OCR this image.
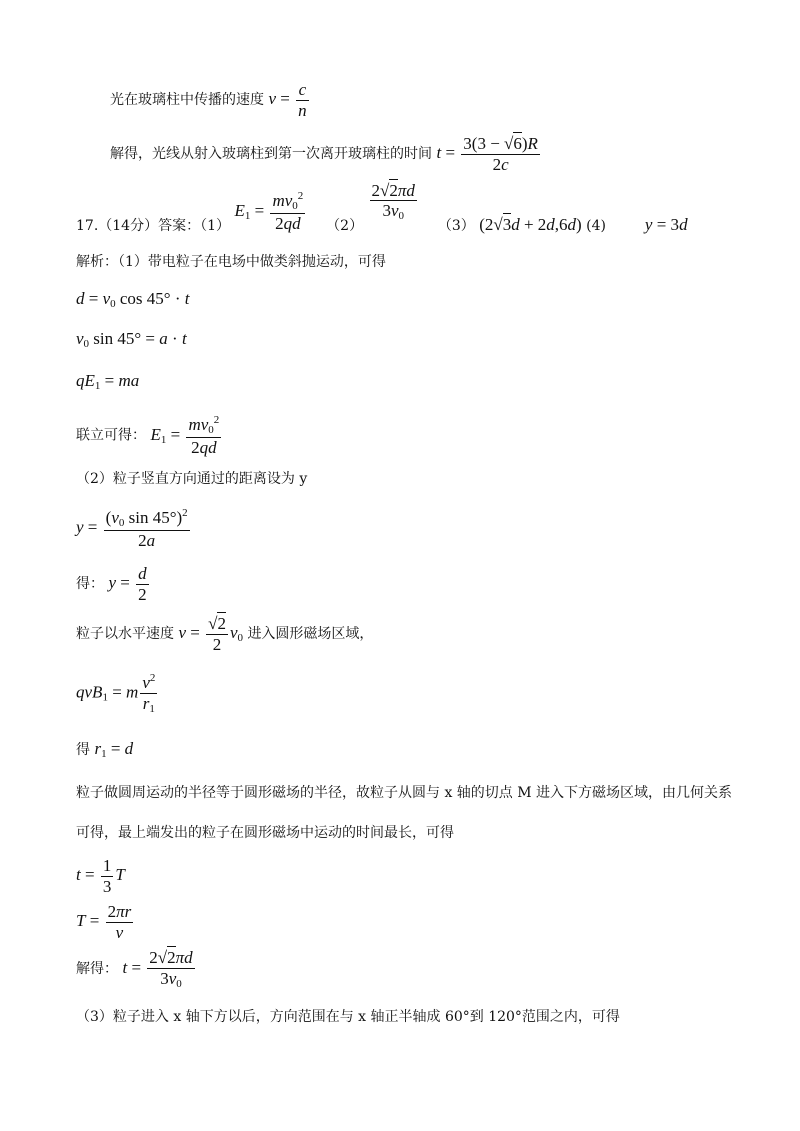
光在玻璃柱中传播的速度 $v = \frac{c}{n}$
解得，光线从射入玻璃柱到第一次离开玻璃柱的时间 $t = \frac{3(3 - √6)R}{2c}$
17.（14分）答案：（1） $E_1 = \frac{mv_0^2}{2qd} (2)$
$\frac{2√2\pi d}{3v_0}$
（3） (2√3d + 2d,6d) (4) y = 3d
解析：（1）带电粒子在电场中做类斜抛运动，可得
$d = v_0$ cos 45° · t
$v_0$ sin 45° = a · t
$qE_1$ = ma
联立可得： $E_1 = \frac{mv_0^2}{2qd}$
（2）粒子竖直方向通过的距离设为 y
$y = \frac{(v_0 \sin 45^\circ)^2}{2a}$
得： $y = \frac{d}{2}$
粒子以水平速度 $v = \frac{√2}{2} v_0$ 进入圆形磁场区域，
qvB$_1$ = m $\frac{v^2}{r_1}$
得 $r_1 = d$
粒子做圆周运动的半径等于圆形磁场的半径，故粒子从圆与 x 轴的切点 M 进入下方磁场区域，由几何关系
可得，最上端发出的粒子在圆形磁场中运动的时间最长，可得
$t = \frac{1}{3}$ T
$T = \frac{2\pi r}{v}$
解得： $t = \frac{2√2\pi d}{3v_0}$
（3）粒子进入 x 轴下方以后，方向范围在与 x 轴正半轴成 60°到 120°范围之内，可得
